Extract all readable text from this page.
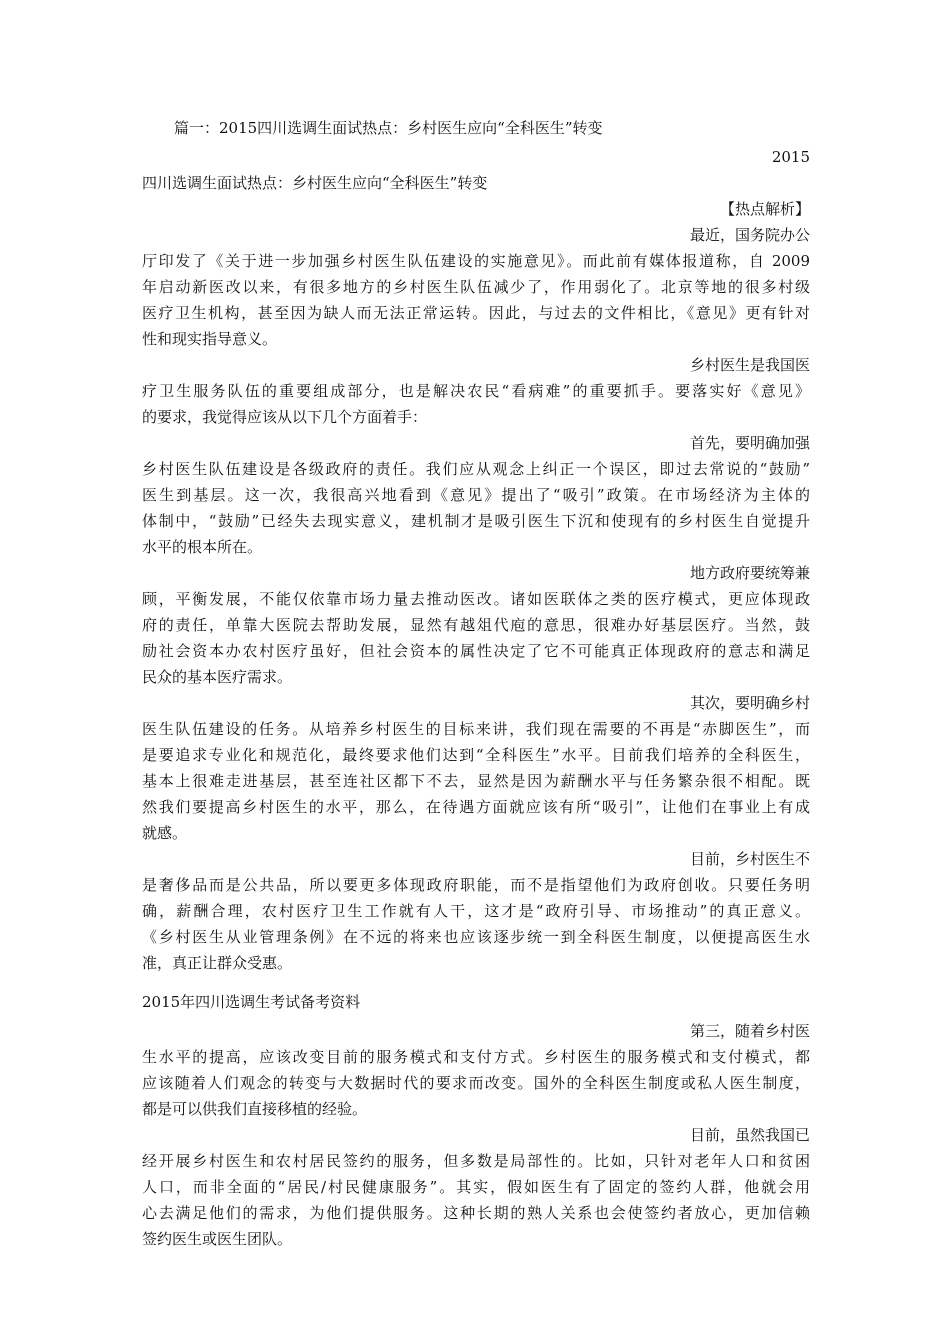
篇一：2015四川选调生面试热点：乡村医生应向“全科医生”转变
2015
四川选调生面试热点：乡村医生应向“全科医生”转变
【热点解析】
最近，国务院办公
厅印发了《关于进一步加强乡村医生队伍建设的实施意见》。而此前有媒体报道称，自 2009
年启动新医改以来，有很多地方的乡村医生队伍减少了，作用弱化了。北京等地的很多村级
医疗卫生机构，甚至因为缺人而无法正常运转。因此，与过去的文件相比，《意见》更有针对
性和现实指导意义。
乡村医生是我国医
疗卫生服务队伍的重要组成部分，也是解决农民“看病难”的重要抓手。要落实好《意见》
的要求，我觉得应该从以下几个方面着手：
首先，要明确加强
乡村医生队伍建设是各级政府的责任。我们应从观念上纠正一个误区，即过去常说的“鼓励”
医生到基层。这一次，我很高兴地看到《意见》提出了“吸引”政策。在市场经济为主体的
体制中，“鼓励”已经失去现实意义，建机制才是吸引医生下沉和使现有的乡村医生自觉提升
水平的根本所在。
地方政府要统筹兼
顾，平衡发展，不能仅依靠市场力量去推动医改。诸如医联体之类的医疗模式，更应体现政
府的责任，单靠大医院去帮助发展，显然有越俎代庖的意思，很难办好基层医疗。当然，鼓
励社会资本办农村医疗虽好，但社会资本的属性决定了它不可能真正体现政府的意志和满足
民众的基本医疗需求。
其次，要明确乡村
医生队伍建设的任务。从培养乡村医生的目标来讲，我们现在需要的不再是“赤脚医生”，而
是要追求专业化和规范化，最终要求他们达到“全科医生”水平。目前我们培养的全科医生，
基本上很难走进基层，甚至连社区都下不去，显然是因为薪酬水平与任务繁杂很不相配。既
然我们要提高乡村医生的水平，那么，在待遇方面就应该有所“吸引”，让他们在事业上有成
就感。
目前，乡村医生不
是奢侈品而是公共品，所以要更多体现政府职能，而不是指望他们为政府创收。只要任务明
确，薪酬合理，农村医疗卫生工作就有人干，这才是“政府引导、市场推动”的真正意义。
《乡村医生从业管理条例》在不远的将来也应该逐步统一到全科医生制度，以便提高医生水
准，真正让群众受惠。
2015年四川选调生考试备考资料
第三，随着乡村医
生水平的提高，应该改变目前的服务模式和支付方式。乡村医生的服务模式和支付模式，都
应该随着人们观念的转变与大数据时代的要求而改变。国外的全科医生制度或私人医生制度，
都是可以供我们直接移植的经验。
目前，虽然我国已
经开展乡村医生和农村居民签约的服务，但多数是局部性的。比如，只针对老年人口和贫困
人口，而非全面的“居民/村民健康服务”。其实，假如医生有了固定的签约人群，他就会用
心去满足他们的需求，为他们提供服务。这种长期的熟人关系也会使签约者放心，更加信赖
签约医生或医生团队。
